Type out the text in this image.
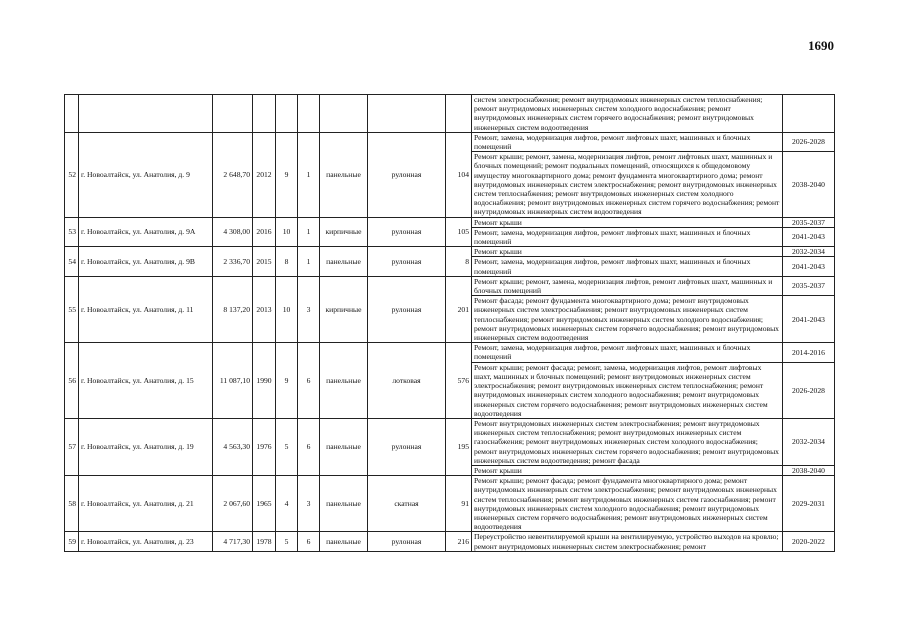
1690
									систем электроснабжения; ремонт внутридомовых инженерных систем теплоснабжения; ремонт внутридомовых инженерных систем холодного водоснабжения; ремонт внутридомовых инженерных систем горячего водоснабжения; ремонт внутридомовых инженерных систем водоотведения	
52	г. Новоалтайск, ул. Анатолия, д. 9	2 648,70	2012	9	1	панельные	рулонная	104	Ремонт, замена, модернизация лифтов, ремонт лифтовых шахт, машинных и блочных помещений	2026-2028
									Ремонт крыши; ремонт, замена, модернизация лифтов, ремонт лифтовых шахт, машинных и блочных помещений; ремонт подвальных помещений, относящихся к общедомовому имуществу многоквартирного дома; ремонт фундамента многоквартирного дома; ремонт внутридомовых инженерных систем электроснабжения; ремонт внутридомовых инженерных систем теплоснабжения; ремонт внутридомовых инженерных систем холодного водоснабжения; ремонт внутридомовых инженерных систем горячего водоснабжения; ремонт внутридомовых инженерных систем водоотведения	2038-2040
53	г. Новоалтайск, ул. Анатолия, д. 9А	4 308,00	2016	10	1	кирпичные	рулонная	105	Ремонт крыши	2035-2037
									Ремонт, замена, модернизация лифтов, ремонт лифтовых шахт, машинных и блочных помещений	2041-2043
54	г. Новоалтайск, ул. Анатолия, д. 9В	2 336,70	2015	8	1	панельные	рулонная	8	Ремонт крыши	2032-2034
									Ремонт, замена, модернизация лифтов, ремонт лифтовых шахт, машинных и блочных помещений	2041-2043
55	г. Новоалтайск, ул. Анатолия, д. 11	8 137,20	2013	10	3	кирпичные	рулонная	201	Ремонт крыши; ремонт, замена, модернизация лифтов, ремонт лифтовых шахт, машинных и блочных помещений	2035-2037
									Ремонт фасада; ремонт фундамента многоквартирного дома; ремонт внутридомовых инженерных систем электроснабжения; ремонт внутридомовых инженерных систем теплоснабжения; ремонт внутридомовых инженерных систем холодного водоснабжения; ремонт внутридомовых инженерных систем горячего водоснабжения; ремонт внутридомовых инженерных систем водоотведения	2041-2043
56	г. Новоалтайск, ул. Анатолия, д. 15	11 087,10	1990	9	6	панельные	лотковая	576	Ремонт, замена, модернизация лифтов, ремонт лифтовых шахт, машинных и блочных помещений	2014-2016
									Ремонт крыши; ремонт фасада; ремонт, замена, модернизация лифтов, ремонт лифтовых шахт, машинных и блочных помещений; ремонт внутридомовых инженерных систем электроснабжения; ремонт внутридомовых инженерных систем теплоснабжения; ремонт внутридомовых инженерных систем холодного водоснабжения; ремонт внутридомовых инженерных систем горячего водоснабжения; ремонт внутридомовых инженерных систем водоотведения	2026-2028
57	г. Новоалтайск, ул. Анатолия, д. 19	4 563,30	1976	5	6	панельные	рулонная	195	Ремонт внутридомовых инженерных систем электроснабжения; ремонт внутридомовых инженерных систем теплоснабжения; ремонт внутридомовых инженерных систем газоснабжения; ремонт внутридомовых инженерных систем холодного водоснабжения; ремонт внутридомовых инженерных систем горячего водоснабжения; ремонт внутридомовых инженерных систем водоотведения; ремонт фасада	2032-2034
									Ремонт крыши	2038-2040
58	г. Новоалтайск, ул. Анатолия, д. 21	2 067,60	1965	4	3	панельные	скатная	91	Ремонт крыши; ремонт фасада; ремонт фундамента многоквартирного дома; ремонт внутридомовых инженерных систем электроснабжения; ремонт внутридомовых инженерных систем теплоснабжения; ремонт внутридомовых инженерных систем газоснабжения; ремонт внутридомовых инженерных систем холодного водоснабжения; ремонт внутридомовых инженерных систем горячего водоснабжения; ремонт внутридомовых инженерных систем водоотведения	2029-2031
59	г. Новоалтайск, ул. Анатолия, д. 23	4 717,30	1978	5	6	панельные	рулонная	216	Переустройство невентилируемой крыши на вентилируемую, устройство выходов на кровлю; ремонт внутридомовых инженерных систем электроснабжения; ремонт	2020-2022
